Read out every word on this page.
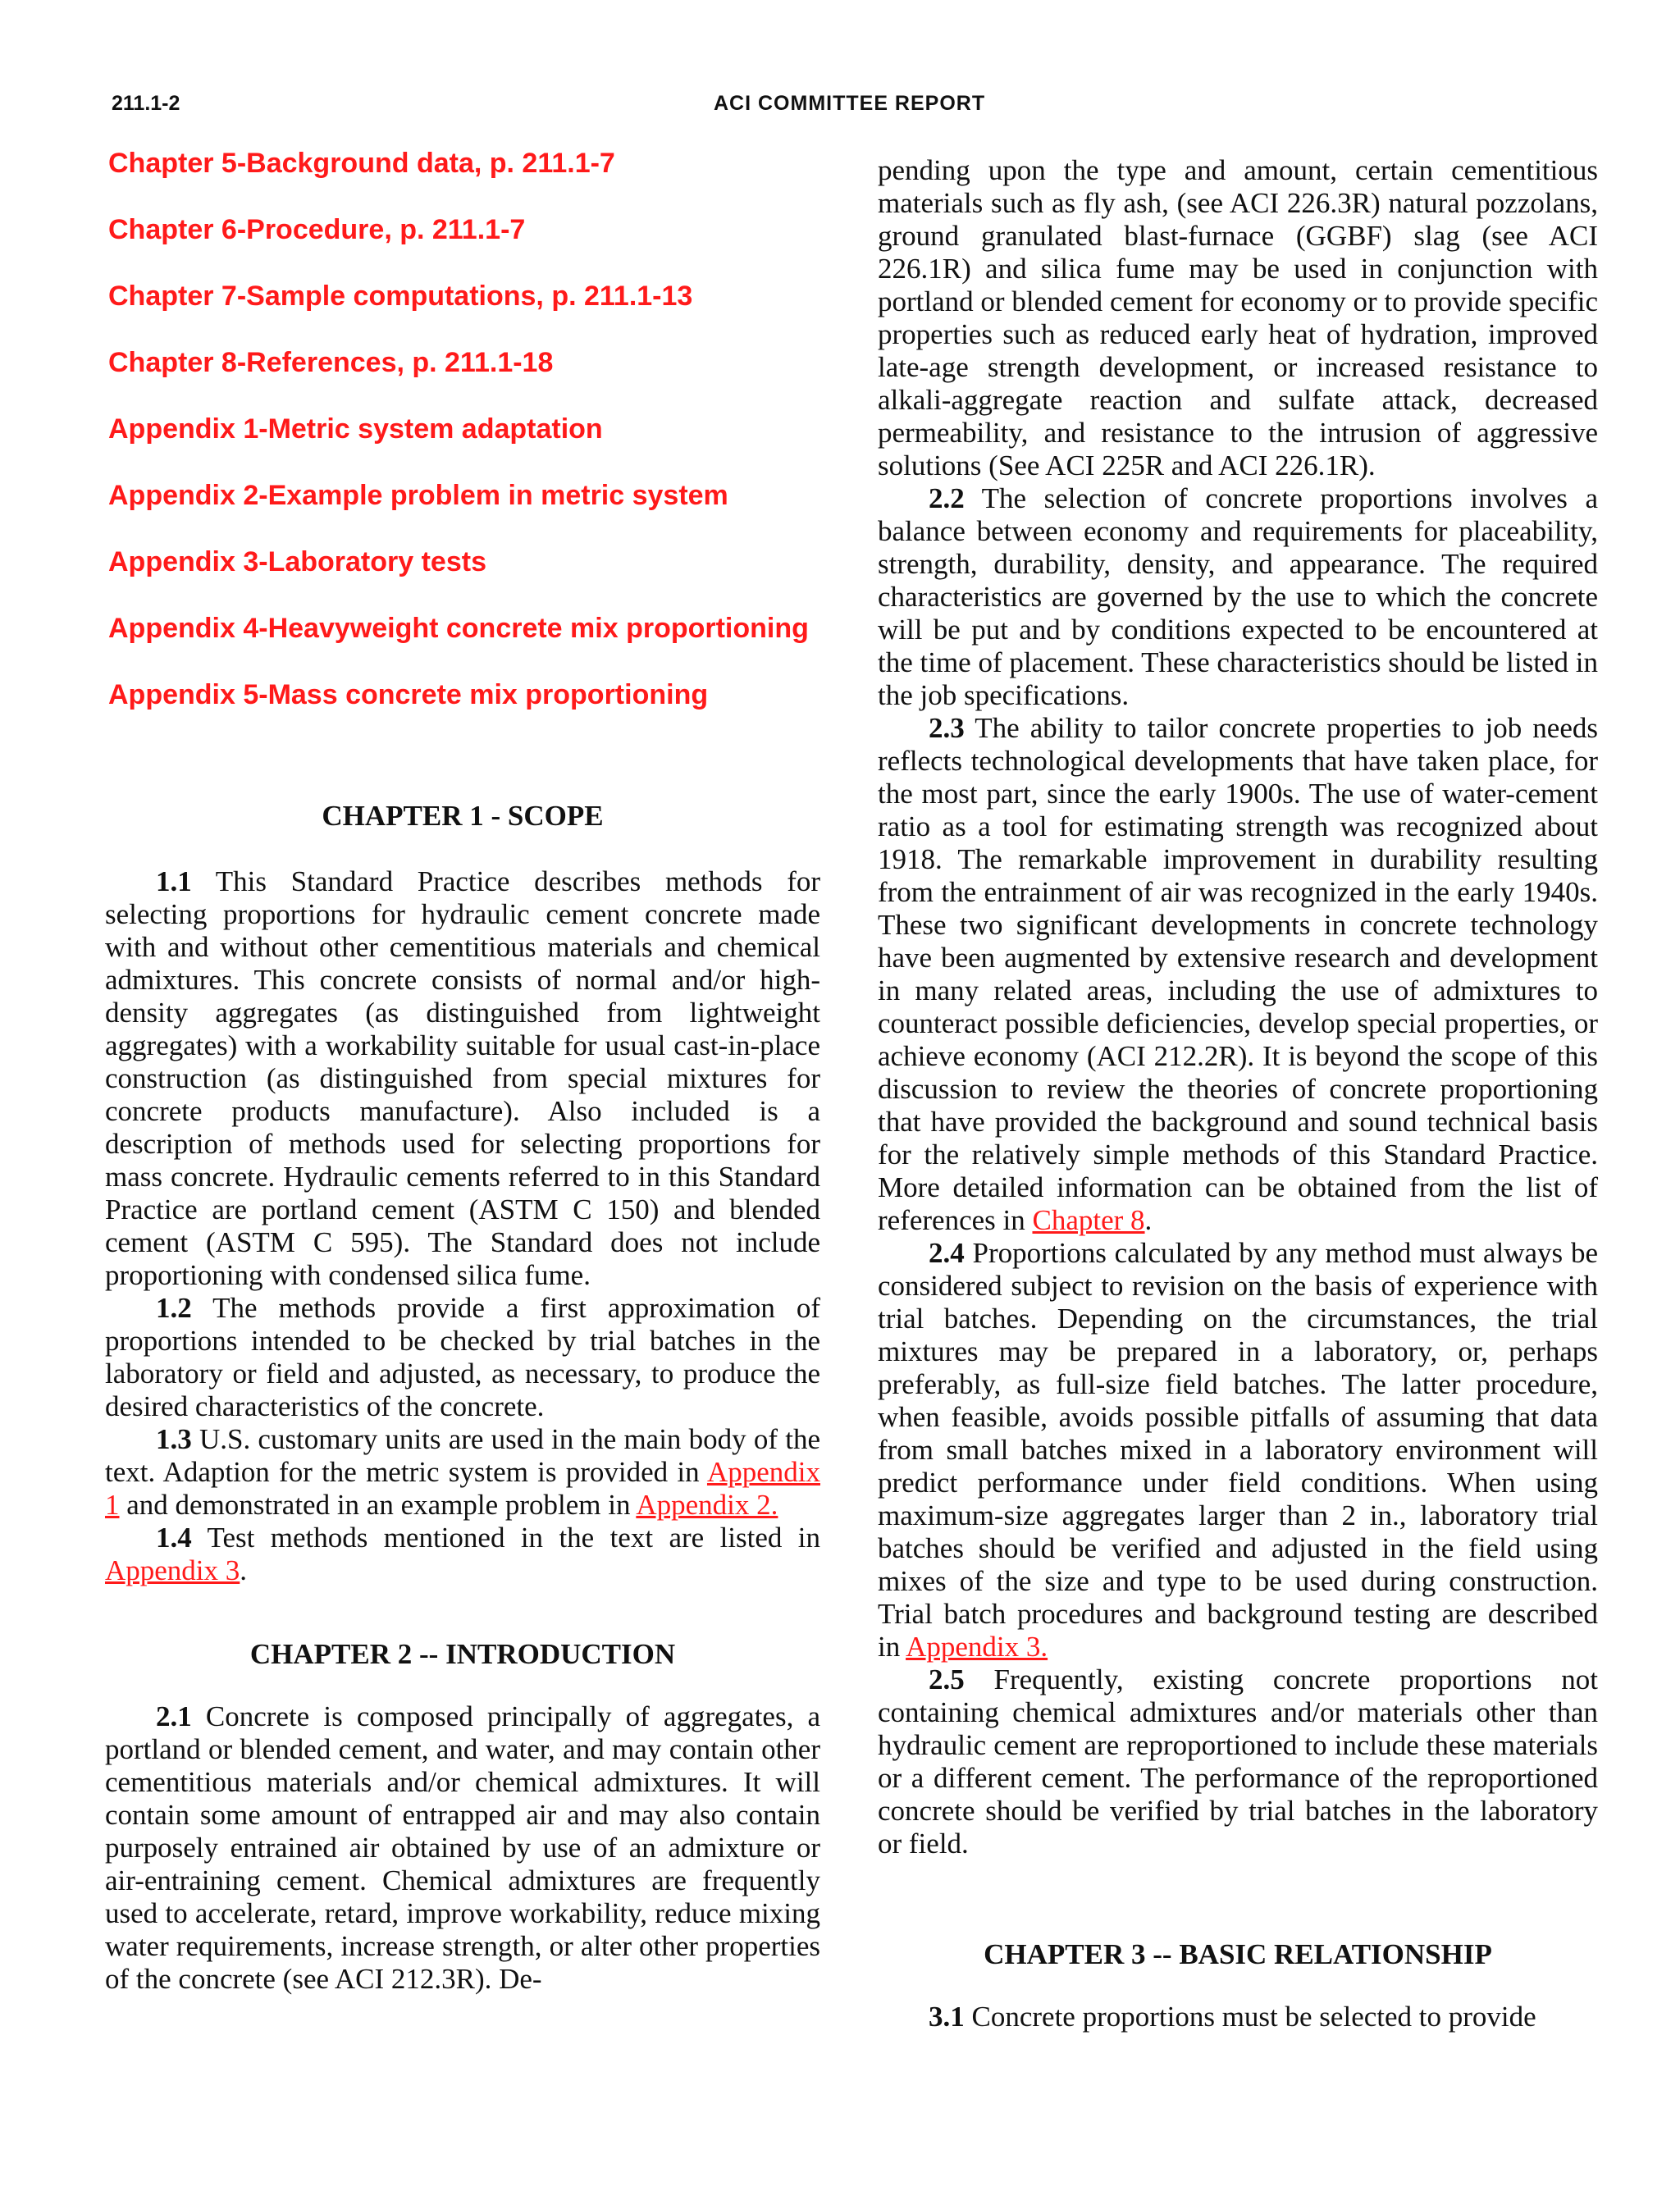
211.1-2	ACI COMMITTEE REPORT
Chapter 5-Background data, p. 211.1-7
Chapter 6-Procedure, p. 211.1-7
Chapter 7-Sample computations, p. 211.1-13
Chapter 8-References, p. 211.1-18
Appendix 1-Metric system adaptation
Appendix 2-Example problem in metric system
Appendix 3-Laboratory tests
Appendix 4-Heavyweight concrete mix proportioning
Appendix 5-Mass concrete mix proportioning
CHAPTER 1 - SCOPE

1.1 This Standard Practice describes methods for selecting proportions for hydraulic cement concrete made with and without other cementitious materials and chemical admixtures. This concrete consists of normal and/or high-density aggregates (as distinguished from lightweight aggregates) with a workability suitable for usual cast-in-place construction (as distinguished from special mixtures for concrete products manufacture). Also included is a description of methods used for selecting proportions for mass concrete. Hydraulic cements referred to in this Standard Practice are portland cement (ASTM C 150) and blended cement (ASTM C 595). The Standard does not include proportioning with condensed silica fume.

1.2 The methods provide a first approximation of proportions intended to be checked by trial batches in the laboratory or field and adjusted, as necessary, to produce the desired characteristics of the concrete.

1.3 U.S. customary units are used in the main body of the text. Adaption for the metric system is provided in Appendix 1 and demonstrated in an example problem in Appendix 2.

1.4 Test methods mentioned in the text are listed in Appendix 3.

CHAPTER 2 -- INTRODUCTION

2.1 Concrete is composed principally of aggregates, a portland or blended cement, and water, and may contain other cementitious materials and/or chemical admixtures. It will contain some amount of entrapped air and may also contain purposely entrained air obtained by use of an admixture or air-entraining cement. Chemical admixtures are frequently used to accelerate, retard, improve workability, reduce mixing water requirements, increase strength, or alter other properties of the concrete (see ACI 212.3R). De-

pending upon the type and amount, certain cementitious materials such as fly ash, (see ACI 226.3R) natural pozzolans, ground granulated blast-furnace (GGBF) slag (see ACI 226.1R) and silica fume may be used in conjunction with portland or blended cement for economy or to provide specific properties such as reduced early heat of hydration, improved late-age strength development, or increased resistance to alkali-aggregate reaction and sulfate attack, decreased permeability, and resistance to the intrusion of aggressive solutions (See ACI 225R and ACI 226.1R).

2.2 The selection of concrete proportions involves a balance between economy and requirements for placeability, strength, durability, density, and appearance. The required characteristics are governed by the use to which the concrete will be put and by conditions expected to be encountered at the time of placement. These characteristics should be listed in the job specifications.

2.3 The ability to tailor concrete properties to job needs reflects technological developments that have taken place, for the most part, since the early 1900s. The use of water-cement ratio as a tool for estimating strength was recognized about 1918. The remarkable improvement in durability resulting from the entrainment of air was recognized in the early 1940s. These two significant developments in concrete technology have been augmented by extensive research and development in many related areas, including the use of admixtures to counteract possible deficiencies, develop special properties, or achieve economy (ACI 212.2R). It is beyond the scope of this discussion to review the theories of concrete proportioning that have provided the background and sound technical basis for the relatively simple methods of this Standard Practice. More detailed information can be obtained from the list of references in Chapter 8.

2.4 Proportions calculated by any method must always be considered subject to revision on the basis of experience with trial batches. Depending on the circumstances, the trial mixtures may be prepared in a laboratory, or, perhaps preferably, as full-size field batches. The latter procedure, when feasible, avoids possible pitfalls of assuming that data from small batches mixed in a laboratory environment will predict performance under field conditions. When using maximum-size aggregates larger than 2 in., laboratory trial batches should be verified and adjusted in the field using mixes of the size and type to be used during construction. Trial batch procedures and background testing are described in Appendix 3.

2.5 Frequently, existing concrete proportions not containing chemical admixtures and/or materials other than hydraulic cement are reproportioned to include these materials or a different cement. The performance of the reproportioned concrete should be verified by trial batches in the laboratory or field.

CHAPTER 3 -- BASIC RELATIONSHIP

3.1 Concrete proportions must be selected to provide
